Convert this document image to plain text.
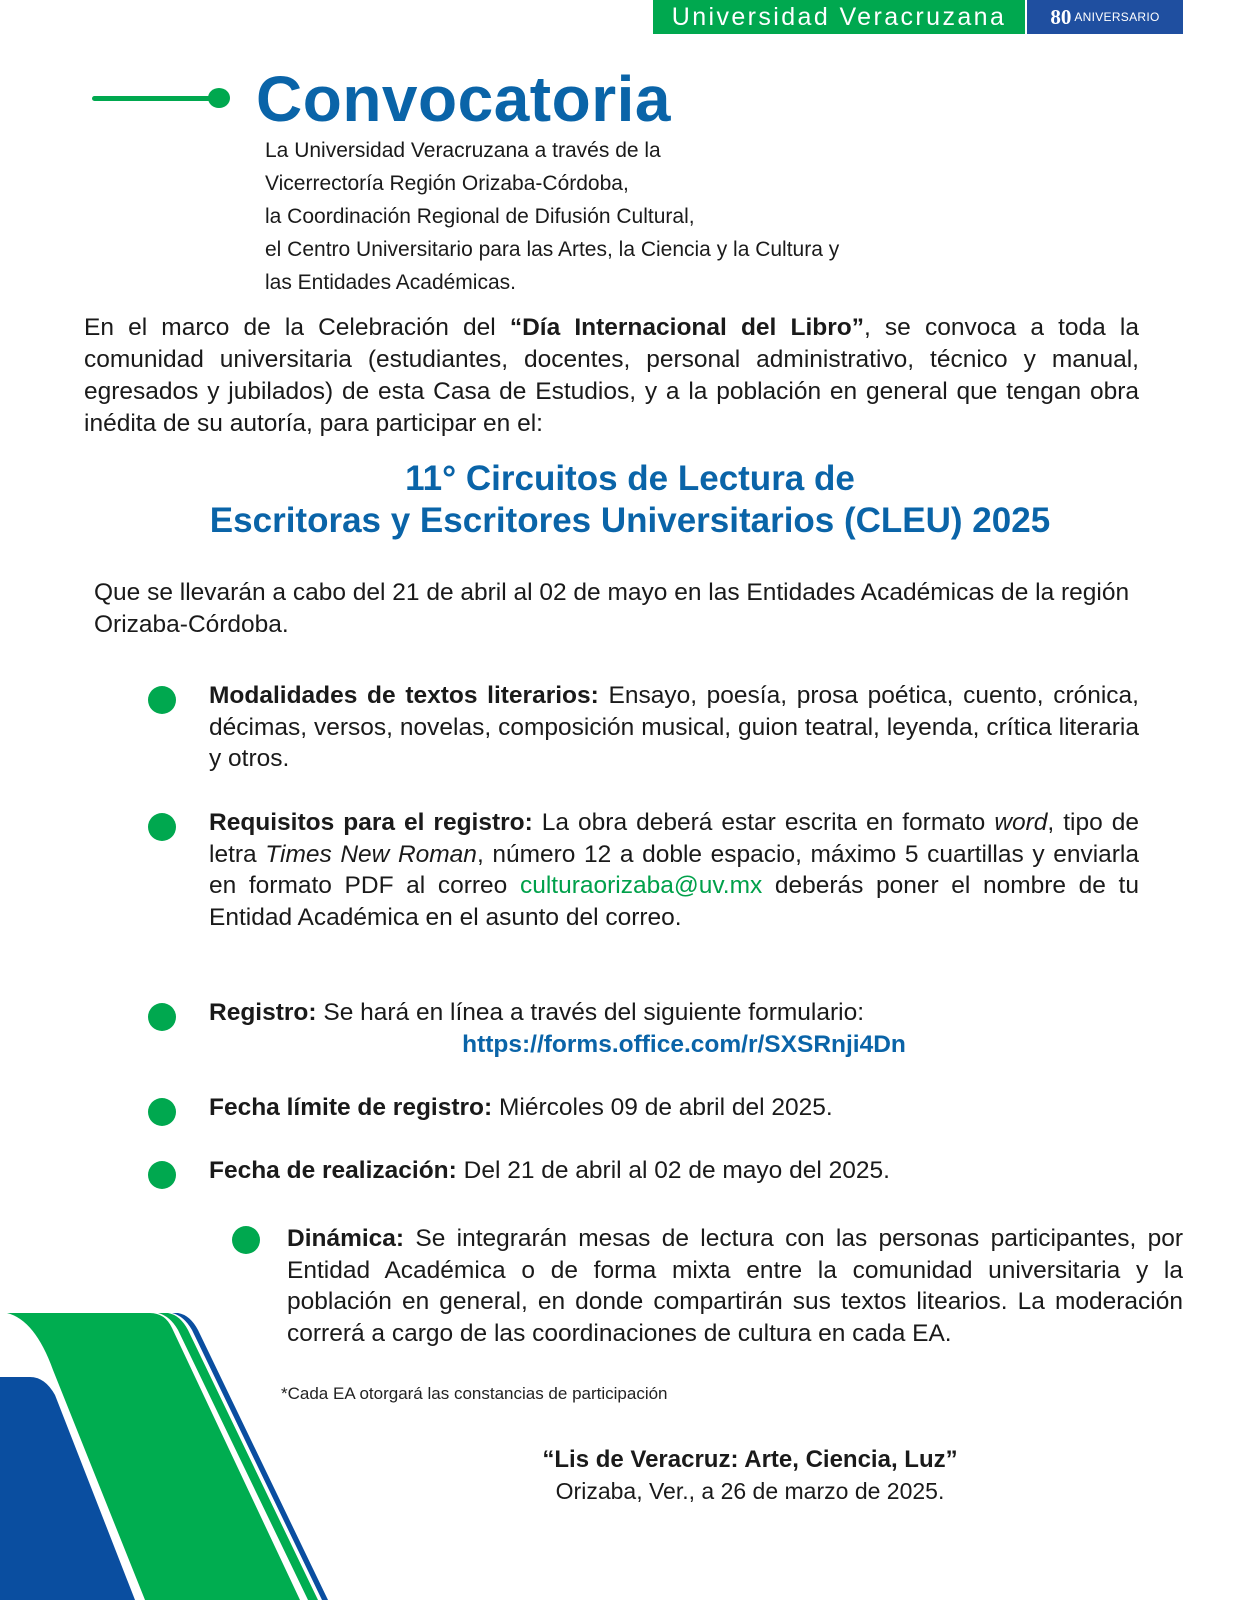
Universidad Veracruzana	80 ANIVERSARIO
Convocatoria
La Universidad Veracruzana a través de la
Vicerrectoría Región Orizaba-Córdoba,
la Coordinación Regional de Difusión Cultural,
el Centro Universitario para las Artes, la Ciencia y la Cultura y
las Entidades Académicas.
En el marco de la Celebración del “Día Internacional del Libro”, se convoca a toda la comunidad universitaria (estudiantes, docentes, personal administrativo, técnico y manual, egresados y jubilados) de esta Casa de Estudios, y a la población en general que tengan obra inédita de su autoría, para participar en el:
11° Circuitos de Lectura de
Escritoras y Escritores Universitarios (CLEU) 2025
Que se llevarán a cabo del 21 de abril al 02 de mayo en las Entidades Académicas de la región Orizaba-Córdoba.
Modalidades de textos literarios: Ensayo, poesía, prosa poética, cuento, crónica, décimas, versos, novelas, composición musical, guion teatral, leyenda, crítica literaria y otros.
Requisitos para el registro: La obra deberá estar escrita en formato word, tipo de letra Times New Roman, número 12 a doble espacio, máximo 5 cuartillas y enviarla en formato PDF al correo culturaorizaba@uv.mx deberás poner el nombre de tu Entidad Académica en el asunto del correo.
Registro: Se hará en línea a través del siguiente formulario:
https://forms.office.com/r/SXSRnji4Dn
Fecha límite de registro: Miércoles 09 de abril del 2025.
Fecha de realización: Del 21 de abril al 02 de mayo del 2025.
Dinámica: Se integrarán mesas de lectura con las personas participantes, por Entidad Académica o de forma mixta entre la comunidad universitaria y la población en general, en donde compartirán sus textos litearios. La moderación correrá a cargo de las coordinaciones de cultura en cada EA.
*Cada EA otorgará las constancias de participación
“Lis de Veracruz: Arte, Ciencia, Luz”
Orizaba, Ver., a 26 de marzo de 2025.
